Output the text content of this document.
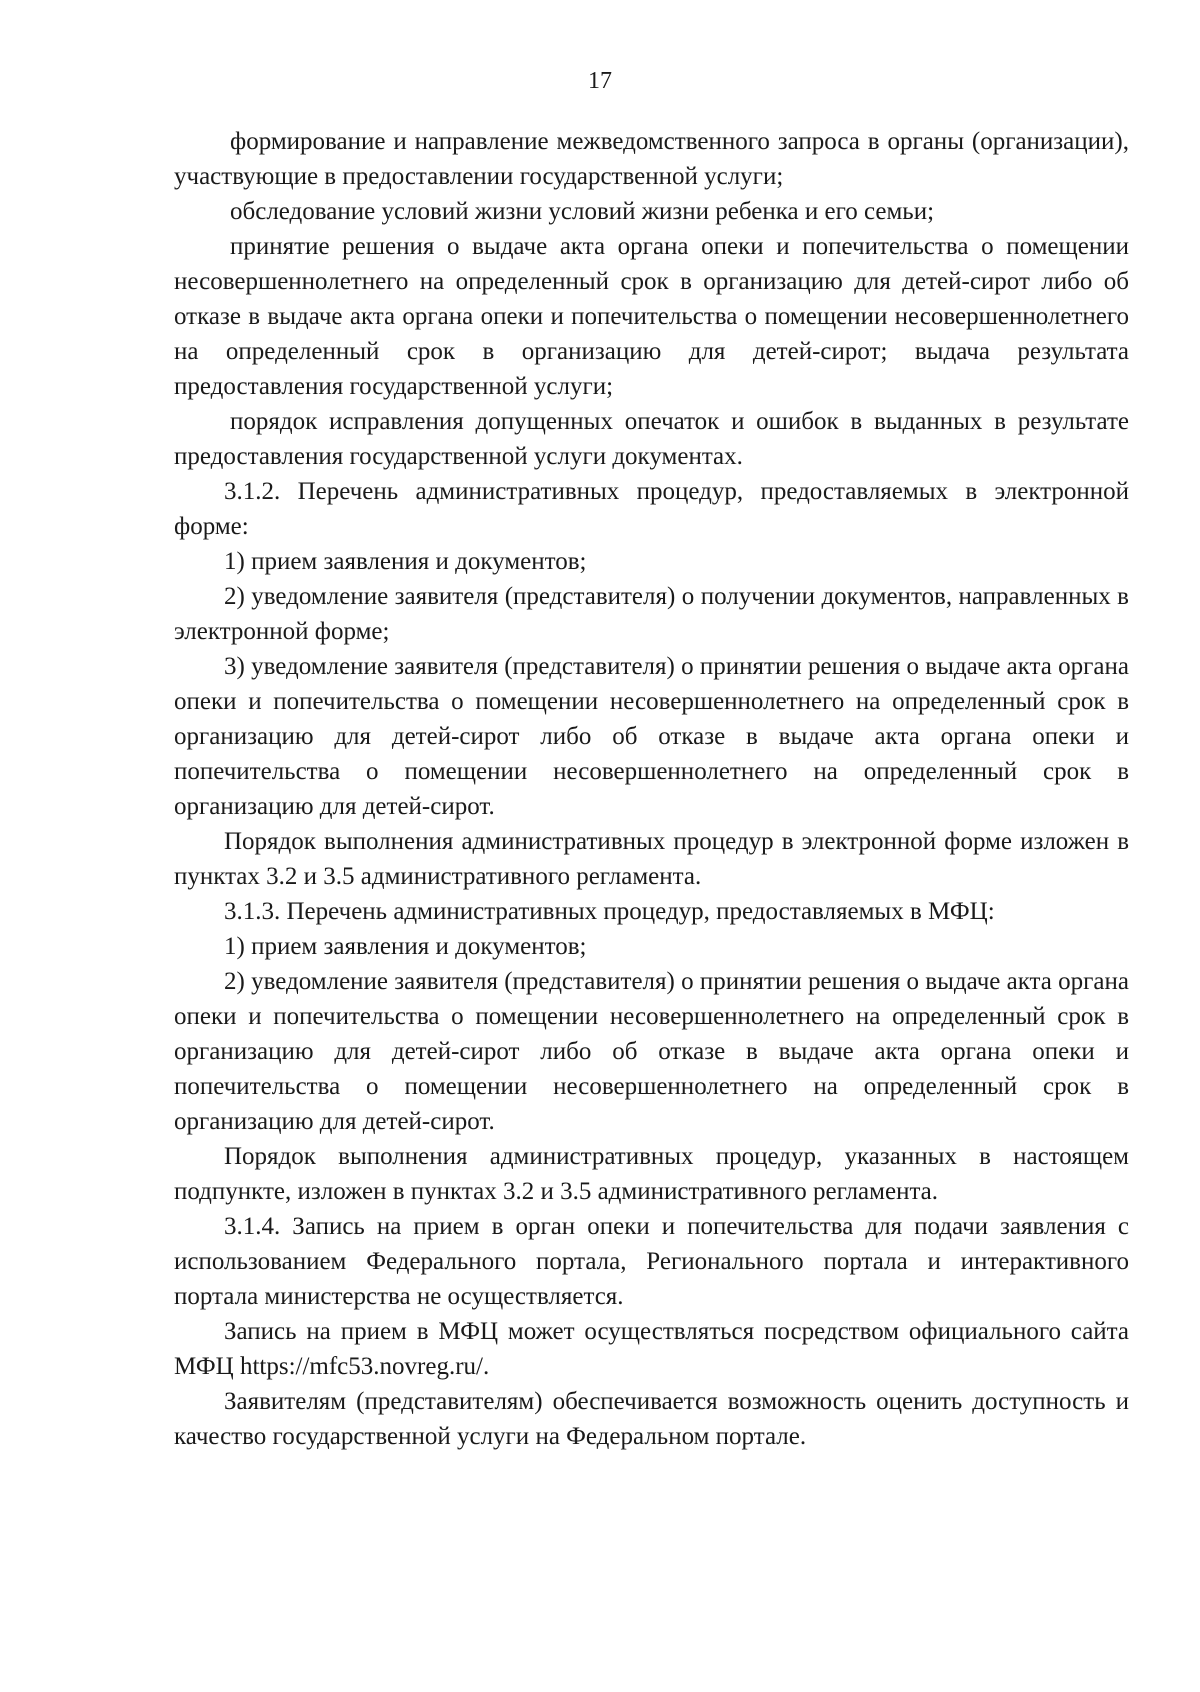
17

формирование и направление межведомственного запроса в органы (организации), участвующие в предоставлении государственной услуги;

обследование условий жизни условий жизни ребенка и его семьи;

принятие решения о выдаче акта органа опеки и попечительства о помещении несовершеннолетнего на определенный срок в организацию для детей-сирот либо об отказе в выдаче акта органа опеки и попечительства о помещении несовершеннолетнего на определенный срок в организацию для детей-сирот; выдача результата предоставления государственной услуги;

порядок исправления допущенных опечаток и ошибок в выданных в результате предоставления государственной услуги документах.

3.1.2. Перечень административных процедур, предоставляемых в электронной форме:

1) прием заявления и документов;

2) уведомление заявителя (представителя) о получении документов, направленных в электронной форме;

3) уведомление заявителя (представителя) о принятии решения о выдаче акта органа опеки и попечительства о помещении несовершеннолетнего на определенный срок в организацию для детей-сирот либо об отказе в выдаче акта органа опеки и попечительства о помещении несовершеннолетнего на определенный срок в организацию для детей-сирот.

Порядок выполнения административных процедур в электронной форме изложен в пунктах 3.2 и 3.5 административного регламента.

3.1.3. Перечень административных процедур, предоставляемых в МФЦ:

1) прием заявления и документов;

2) уведомление заявителя (представителя) о принятии решения о выдаче акта органа опеки и попечительства о помещении несовершеннолетнего на определенный срок в организацию для детей-сирот либо об отказе в выдаче акта органа опеки и попечительства о помещении несовершеннолетнего на определенный срок в организацию для детей-сирот.

Порядок выполнения административных процедур, указанных в настоящем подпункте, изложен в пунктах 3.2 и 3.5 административного регламента.

3.1.4. Запись на прием в орган опеки и попечительства для подачи заявления с использованием Федерального портала, Регионального портала и интерактивного портала министерства не осуществляется.

Запись на прием в МФЦ может осуществляться посредством официального сайта МФЦ https://mfc53.novreg.ru/.

Заявителям (представителям) обеспечивается возможность оценить доступность и качество государственной услуги на Федеральном портале.
